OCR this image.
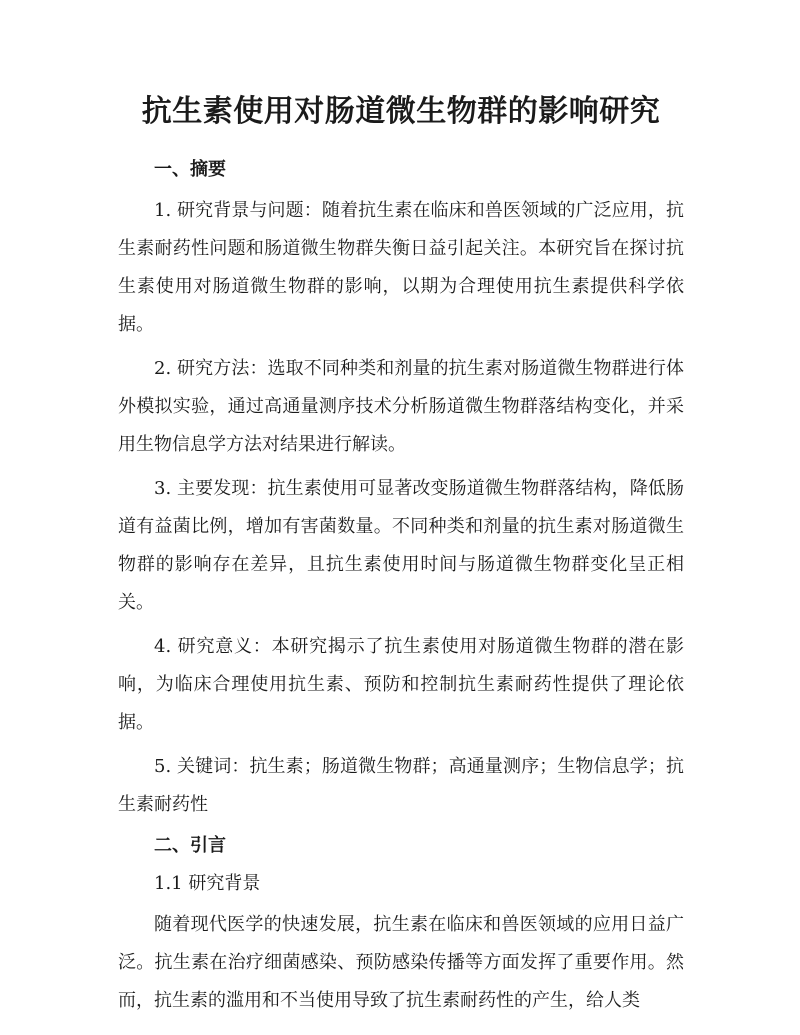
抗生素使用对肠道微生物群的影响研究
一、摘要

1. 研究背景与问题：随着抗生素在临床和兽医领域的广泛应用，抗生素耐药性问题和肠道微生物群失衡日益引起关注。本研究旨在探讨抗生素使用对肠道微生物群的影响，以期为合理使用抗生素提供科学依据。

2. 研究方法：选取不同种类和剂量的抗生素对肠道微生物群进行体外模拟实验，通过高通量测序技术分析肠道微生物群落结构变化，并采用生物信息学方法对结果进行解读。

3. 主要发现：抗生素使用可显著改变肠道微生物群落结构，降低肠道有益菌比例，增加有害菌数量。不同种类和剂量的抗生素对肠道微生物群的影响存在差异，且抗生素使用时间与肠道微生物群变化呈正相关。

4. 研究意义：本研究揭示了抗生素使用对肠道微生物群的潜在影响，为临床合理使用抗生素、预防和控制抗生素耐药性提供了理论依据。

5. 关键词：抗生素；肠道微生物群；高通量测序；生物信息学；抗生素耐药性

二、引言

1.1 研究背景

随着现代医学的快速发展，抗生素在临床和兽医领域的应用日益广泛。抗生素在治疗细菌感染、预防感染传播等方面发挥了重要作用。然而，抗生素的滥用和不当使用导致了抗生素耐药性的产生，给人类
